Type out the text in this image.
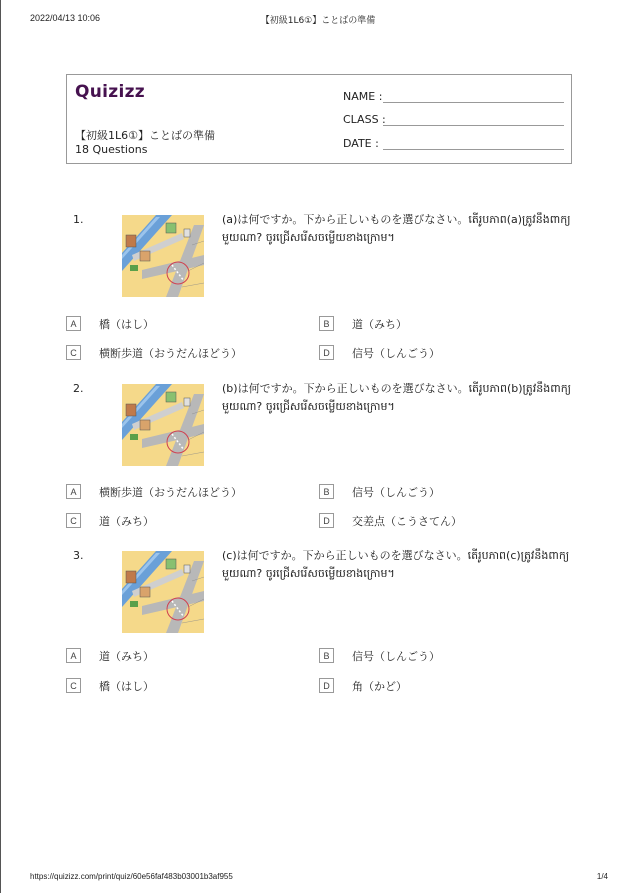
2022/04/13 10:06	【初級1L6①】ことばの準備
Quizizz
【初級1L6①】ことばの準備
18 Questions
NAME :
CLASS :
DATE :
1.	(a)は何ですか。下から正しいものを選びなさい。តើរូបភាព(a)ត្រូវនឹងពាក្យមួយណា? ចូរជ្រើសរើសចម្លើយខាងក្រោម។
A	橋（はし）	B	道（みち）
C	横断歩道（おうだんほどう）	D	信号（しんごう）
2.	(b)は何ですか。下から正しいものを選びなさい。តើរូបភាព(b)ត្រូវនឹងពាក្យមួយណា? ចូរជ្រើសរើសចម្លើយខាងក្រោម។
A	横断歩道（おうだんほどう）	B	信号（しんごう）
C	道（みち）	D	交差点（こうさてん）
3.	(c)は何ですか。下から正しいものを選びなさい。តើរូបភាព(c)ត្រូវនឹងពាក្យមួយណា? ចូរជ្រើសរើសចម្លើយខាងក្រោម។
A	道（みち）	B	信号（しんごう）
C	橋（はし）	D	角（かど）
https://quizizz.com/print/quiz/60e56faf483b03001b3af955	1/4
